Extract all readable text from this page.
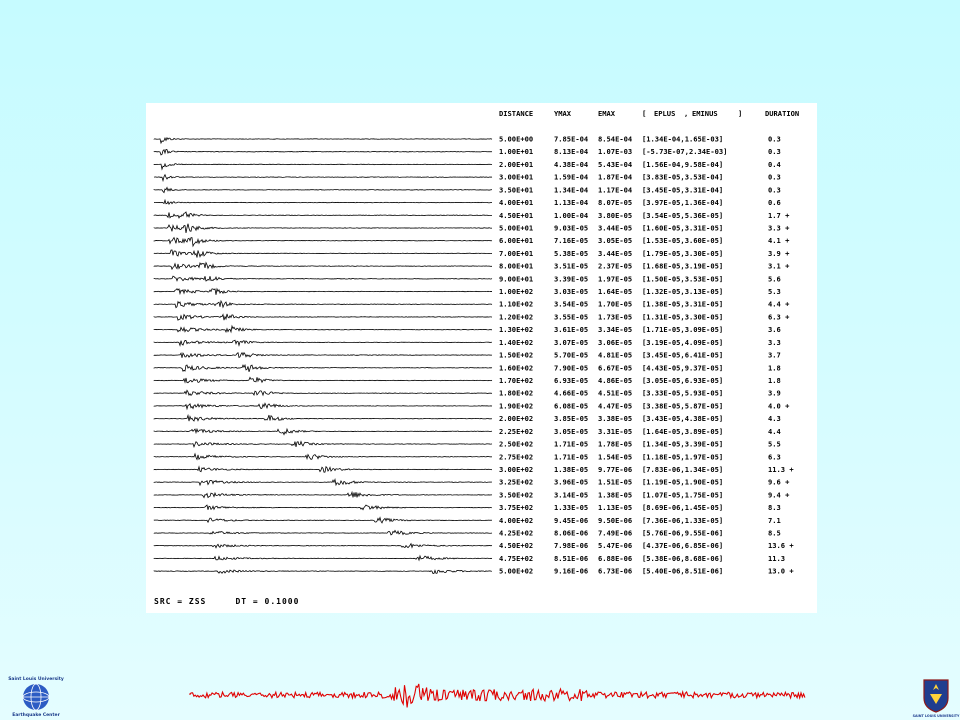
DISTANCE	YMAX	EMAX	[ EPLUS , EMINUS	]	DURATION
5.00E+00	7.85E-04 8.54E-04 [1.34E-04,1.65E-03]	0.3
1.00E+01	8.13E-04 1.07E-03 [-5.73E-07,2.34E-03]	0.3
2.00E+01	4.38E-04 5.43E-04 [1.56E-04,9.58E-04]	0.4
3.00E+01	1.59E-04 1.87E-04 [3.83E-05,3.53E-04]	0.3
3.50E+01	1.34E-04 1.17E-04 [3.45E-05,3.31E-04]	0.3
4.00E+01	1.13E-04 8.07E-05 [3.97E-05,1.36E-04]	0.6
4.50E+01	1.00E-04 3.80E-05 [3.54E-05,5.36E-05]	1.7 +
5.00E+01	9.03E-05 3.44E-05 [1.60E-05,3.31E-05]	3.3 +
6.00E+01	7.16E-05 3.05E-05 [1.53E-05,3.60E-05]	4.1 +
7.00E+01	5.38E-05 3.44E-05 [1.79E-05,3.30E-05]	3.9 +
8.00E+01	3.51E-05 2.37E-05 [1.68E-05,3.19E-05]	3.1 +
9.00E+01	3.39E-05 1.97E-05 [1.50E-05,3.53E-05]	5.6
1.00E+02	3.03E-05 1.64E-05 [1.32E-05,3.13E-05]	5.3
1.10E+02	3.54E-05 1.70E-05 [1.38E-05,3.31E-05]	4.4 +
1.20E+02	3.55E-05 1.73E-05 [1.31E-05,3.30E-05]	6.3 +
1.30E+02	3.61E-05 3.34E-05 [1.71E-05,3.09E-05]	3.6
1.40E+02	3.07E-05 3.06E-05 [3.19E-05,4.09E-05]	3.3
1.50E+02	5.70E-05 4.81E-05 [3.45E-05,6.41E-05]	3.7
1.60E+02	7.90E-05 6.67E-05 [4.43E-05,9.37E-05]	1.8
1.70E+02	6.93E-05 4.86E-05 [3.05E-05,6.93E-05]	1.8
1.80E+02	4.66E-05 4.51E-05 [3.33E-05,5.93E-05]	3.9
1.90E+02	6.08E-05 4.47E-05 [3.38E-05,5.87E-05]	4.0 +
2.00E+02	3.85E-05 3.38E-05 [3.43E-05,4.38E-05]	4.3
2.25E+02	3.05E-05 3.31E-05 [1.64E-05,3.89E-05]	4.4
2.50E+02	1.71E-05 1.78E-05 [1.34E-05,3.39E-05]	5.5
2.75E+02	1.71E-05 1.54E-05 [1.18E-05,1.97E-05]	6.3
3.00E+02	1.38E-05 9.77E-06 [7.83E-06,1.34E-05]	11.3 +
3.25E+02	3.96E-05 1.51E-05 [1.19E-05,1.90E-05]	9.6 +
3.50E+02	3.14E-05 1.38E-05 [1.07E-05,1.75E-05]	9.4 +
3.75E+02	1.33E-05 1.13E-05 [8.69E-06,1.45E-05]	8.3
4.00E+02	9.45E-06 9.50E-06 [7.36E-06,1.33E-05]	7.1
4.25E+02	8.06E-06 7.49E-06 [5.76E-06,9.55E-06]	8.5
4.50E+02	7.98E-06 5.47E-06 [4.37E-06,6.85E-06]	13.6 +
4.75E+02	8.51E-06 6.88E-06 [5.38E-06,8.68E-06]	11.3
5.00E+02	9.16E-06 6.73E-06 [5.40E-06,8.51E-06]	13.0 +
SRC = ZSS	DT = 0.1000
Saint Louis University
Earthquake Center	SAINT LOUIS UNIVERSITY
